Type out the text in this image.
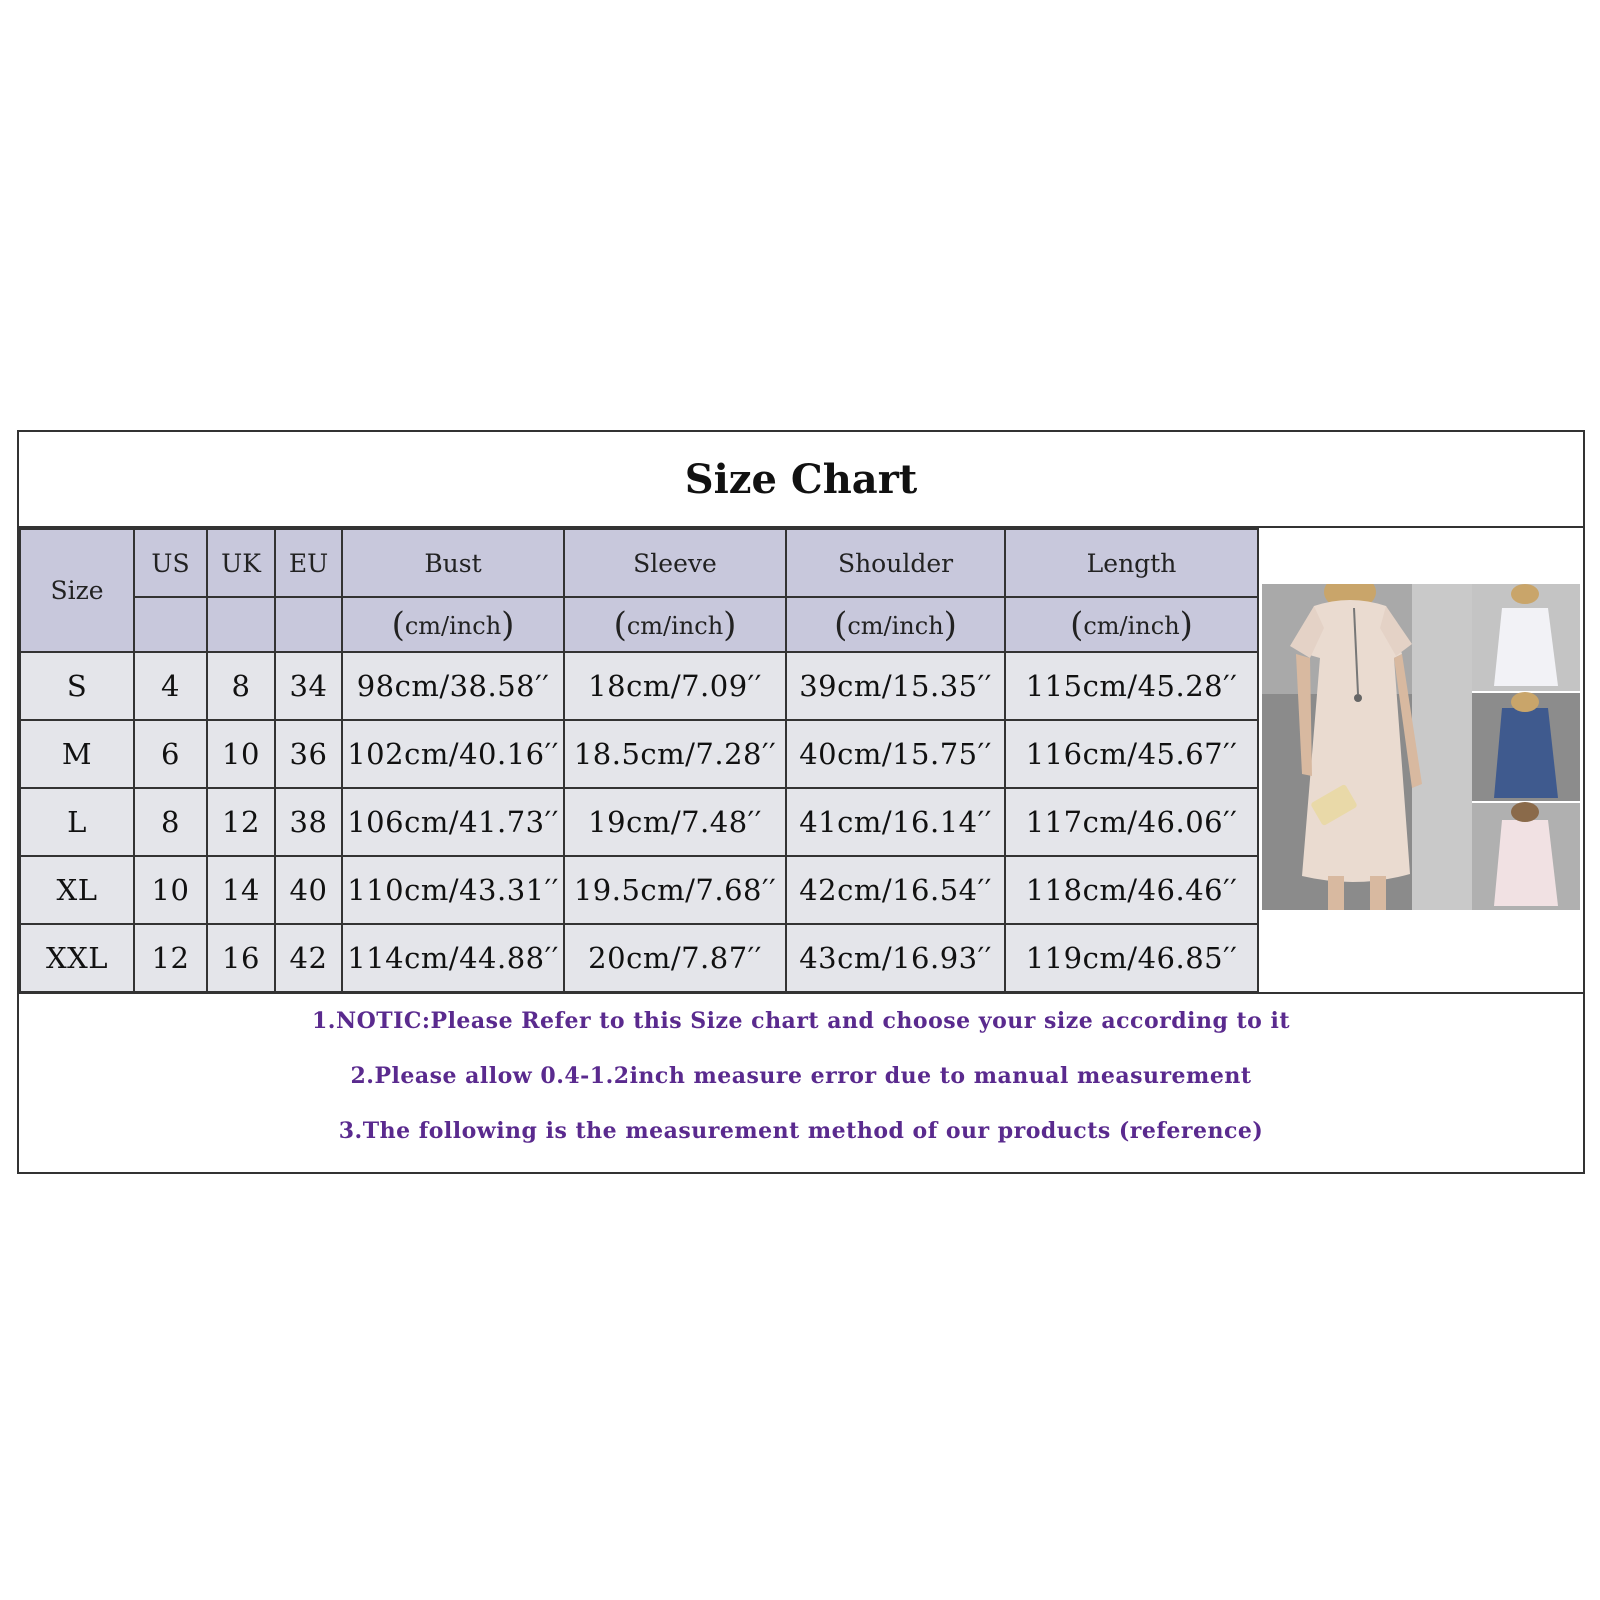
Size Chart
Size	US	UK	EU	Bust	Sleeve	Shoulder	Length
				(cm/inch)	(cm/inch)	(cm/inch)	(cm/inch)
S	4	8	34	98cm/38.58′′	18cm/7.09′′	39cm/15.35′′	115cm/45.28′′
M	6	10	36	102cm/40.16′′	18.5cm/7.28′′	40cm/15.75′′	116cm/45.67′′
L	8	12	38	106cm/41.73′′	19cm/7.48′′	41cm/16.14′′	117cm/46.06′′
XL	10	14	40	110cm/43.31′′	19.5cm/7.68′′	42cm/16.54′′	118cm/46.46′′
XXL	12	16	42	114cm/44.88′′	20cm/7.87′′	43cm/16.93′′	119cm/46.85′′
1.NOTIC:Please Refer to this Size chart and choose your size according to it
2.Please allow 0.4-1.2inch measure error due to manual measurement
3.The following is the measurement method of our products (reference)
